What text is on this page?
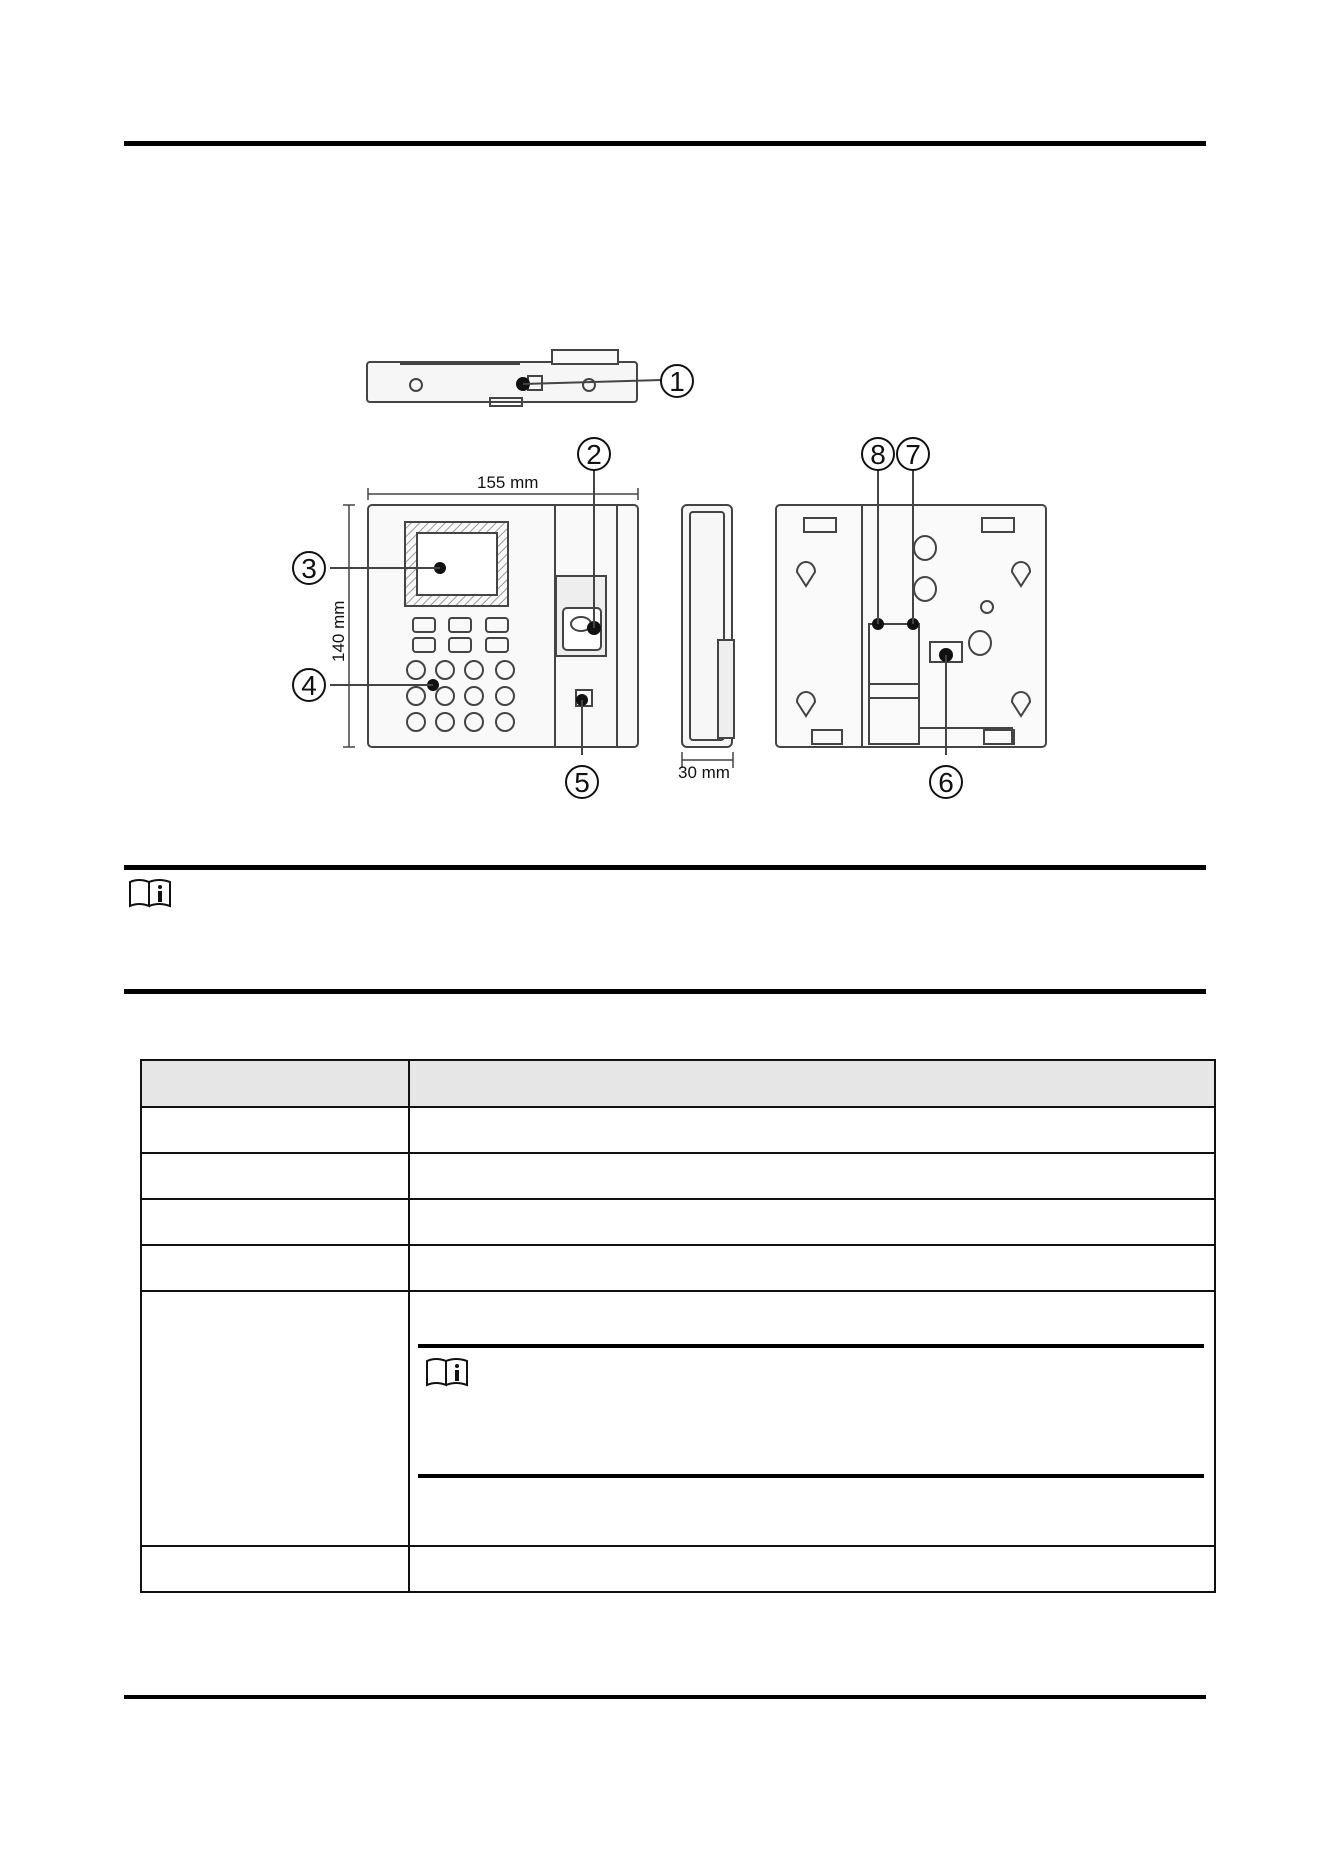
1
2
3
4
5	6
7
8
155 mm
140 mm
30 mm
